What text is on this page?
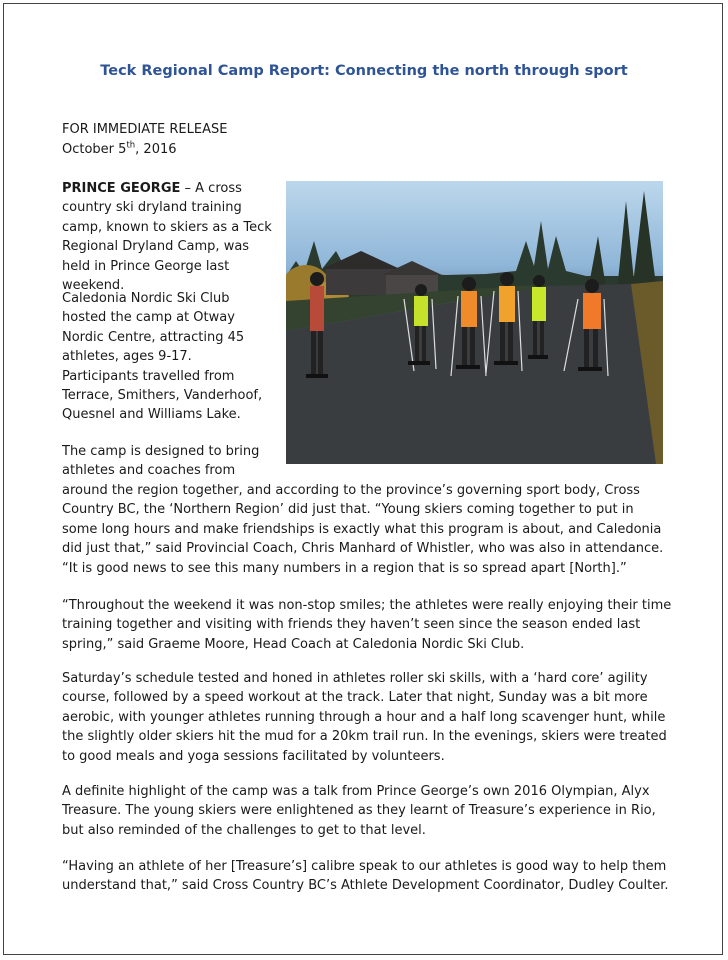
Teck Regional Camp Report: Connecting the north through sport
FOR IMMEDIATE RELEASE
October 5th, 2016
PRINCE GEORGE – A cross country ski dryland training camp, known to skiers as a Teck Regional Dryland Camp, was held in Prince George last weekend.
Caledonia Nordic Ski Club hosted the camp at Otway Nordic Centre, attracting 45 athletes, ages 9-17. Participants travelled from Terrace, Smithers, Vanderhoof, Quesnel and Williams Lake.
The camp is designed to bring athletes and coaches from
around the region together, and according to the province’s governing sport body, Cross Country BC, the ‘Northern Region’ did just that. “Young skiers coming together to put in some long hours and make friendships is exactly what this program is about, and Caledonia did just that,” said Provincial Coach, Chris Manhard of Whistler, who was also in attendance. “It is good news to see this many numbers in a region that is so spread apart [North].”
“Throughout the weekend it was non-stop smiles; the athletes were really enjoying their time training together and visiting with friends they haven’t seen since the season ended last spring,” said Graeme Moore, Head Coach at Caledonia Nordic Ski Club.
Saturday’s schedule tested and honed in athletes roller ski skills, with a ‘hard core’ agility course, followed by a speed workout at the track. Later that night, Sunday was a bit more aerobic, with younger athletes running through a hour and a half long scavenger hunt, while the slightly older skiers hit the mud for a 20km trail run. In the evenings, skiers were treated to good meals and yoga sessions facilitated by volunteers.
A definite highlight of the camp was a talk from Prince George’s own 2016 Olympian, Alyx Treasure. The young skiers were enlightened as they learnt of Treasure’s experience in Rio, but also reminded of the challenges to get to that level.
“Having an athlete of her [Treasure’s] calibre speak to our athletes is good way to help them understand that,” said Cross Country BC’s Athlete Development Coordinator, Dudley Coulter.
